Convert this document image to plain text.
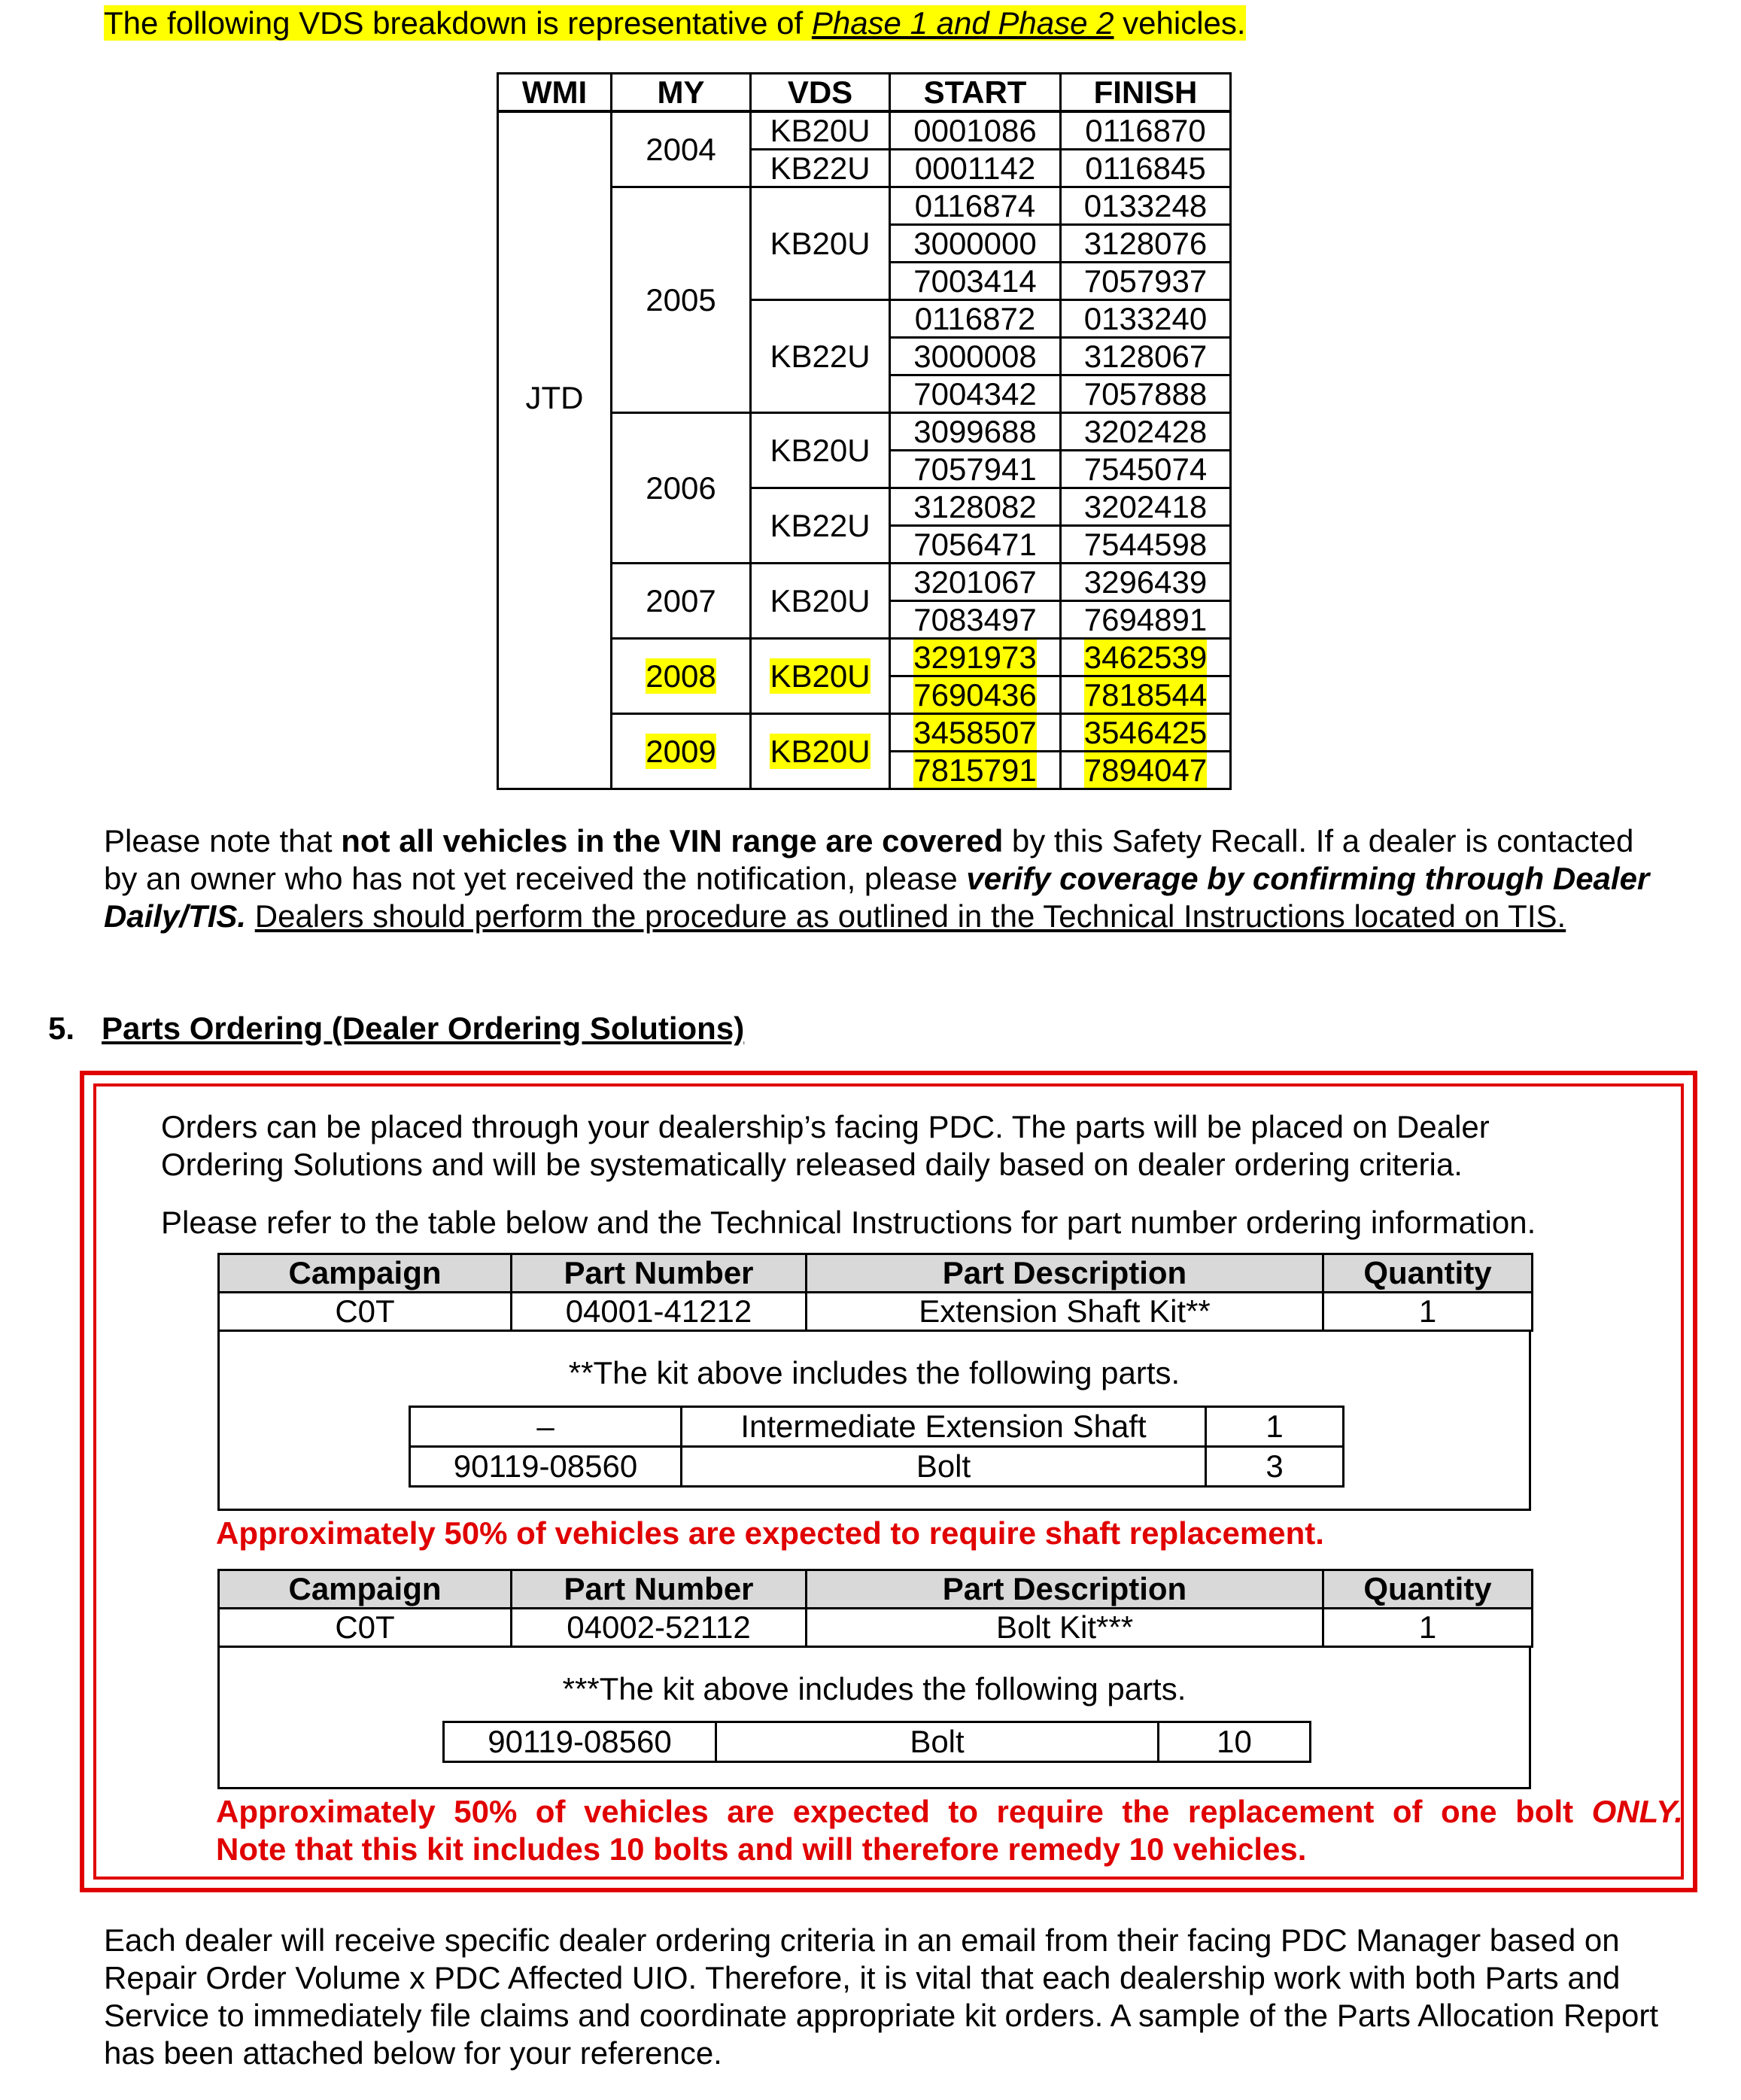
The following VDS breakdown is representative of Phase 1 and Phase 2 vehicles.
WMI	MY	VDS	START	FINISH
JTD	2004	KB20U	0001086	0116870
		KB22U	0001142	0116845
	2005	KB20U	0116874	0133248
			3000000	3128076
			7003414	7057937
		KB22U	0116872	0133240
			3000008	3128067
			7004342	7057888
	2006	KB20U	3099688	3202428
			7057941	7545074
		KB22U	3128082	3202418
			7056471	7544598
	2007	KB20U	3201067	3296439
			7083497	7694891
	2008	KB20U	3291973	3462539
			7690436	7818544
	2009	KB20U	3458507	3546425
			7815791	7894047
Please note that not all vehicles in the VIN range are covered by this Safety Recall. If a dealer is contacted by an owner who has not yet received the notification, please verify coverage by confirming through Dealer Daily/TIS. Dealers should perform the procedure as outlined in the Technical Instructions located on TIS.
5. Parts Ordering (Dealer Ordering Solutions)
Orders can be placed through your dealership’s facing PDC. The parts will be placed on Dealer Ordering Solutions and will be systematically released daily based on dealer ordering criteria.
Please refer to the table below and the Technical Instructions for part number ordering information.
Campaign	Part Number	Part Description	Quantity
C0T	04001-41212	Extension Shaft Kit**	1
**The kit above includes the following parts.
–	Intermediate Extension Shaft	1
90119-08560	Bolt	3
Approximately 50% of vehicles are expected to require shaft replacement.
Campaign	Part Number	Part Description	Quantity
C0T	04002-52112	Bolt Kit***	1
***The kit above includes the following parts.
90119-08560	Bolt	10
Approximately 50% of vehicles are expected to require the replacement of one bolt ONLY.
Note that this kit includes 10 bolts and will therefore remedy 10 vehicles.
Each dealer will receive specific dealer ordering criteria in an email from their facing PDC Manager based on Repair Order Volume x PDC Affected UIO. Therefore, it is vital that each dealership work with both Parts and Service to immediately file claims and coordinate appropriate kit orders. A sample of the Parts Allocation Report has been attached below for your reference.
